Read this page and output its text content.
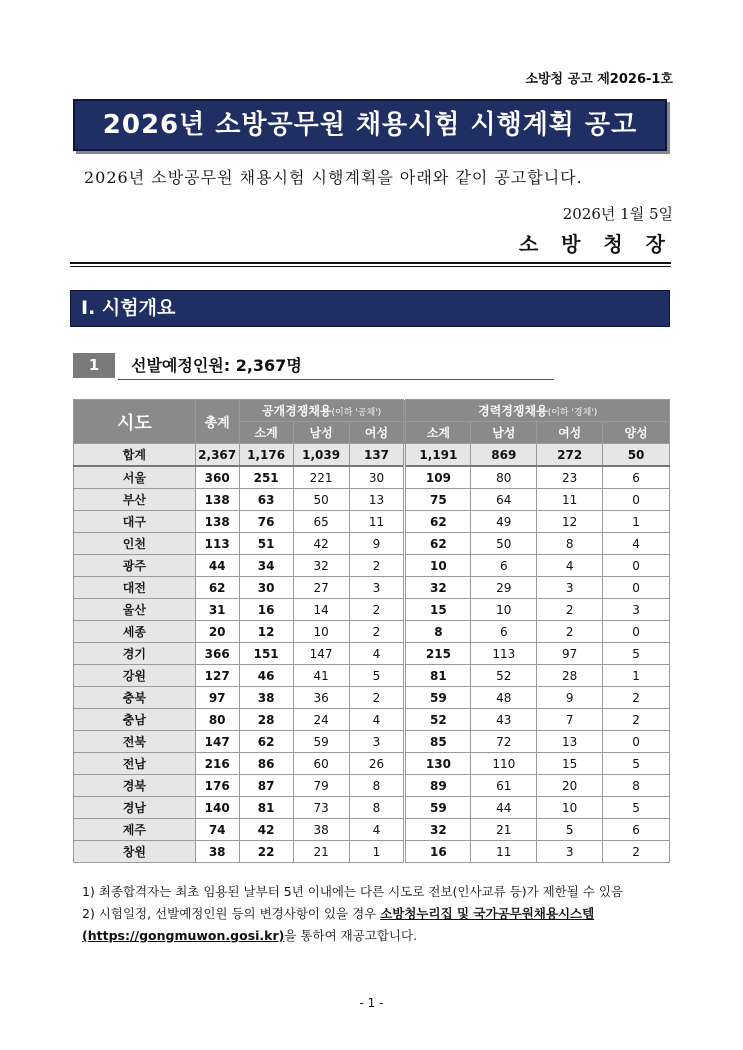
소방청 공고 제2026-1호
2026년 소방공무원 채용시험 시행계획 공고
2026년 소방공무원 채용시험 시행계획을 아래와 같이 공고합니다.
2026년 1월 5일
소 방 청 장
Ⅰ. 시험개요
1	선발예정인원: 2,367명
시도	총계	공개경쟁채용(이하 '공채')			경력경쟁채용(이하 '경채')			
		소계	남성	여성	소계	남성	여성	양성
합계	2,367	1,176	1,039	137	1,191	869	272	50
서울	360	251	221	30	109	80	23	6
부산	138	63	50	13	75	64	11	0
대구	138	76	65	11	62	49	12	1
인천	113	51	42	9	62	50	8	4
광주	44	34	32	2	10	6	4	0
대전	62	30	27	3	32	29	3	0
울산	31	16	14	2	15	10	2	3
세종	20	12	10	2	8	6	2	0
경기	366	151	147	4	215	113	97	5
강원	127	46	41	5	81	52	28	1
충북	97	38	36	2	59	48	9	2
충남	80	28	24	4	52	43	7	2
전북	147	62	59	3	85	72	13	0
전남	216	86	60	26	130	110	15	5
경북	176	87	79	8	89	61	20	8
경남	140	81	73	8	59	44	10	5
제주	74	42	38	4	32	21	5	6
창원	38	22	21	1	16	11	3	2
1) 최종합격자는 최초 임용된 날부터 5년 이내에는 다른 시도로 전보(인사교류 등)가 제한될 수 있음
2) 시험일정, 선발예정인원 등의 변경사항이 있을 경우 소방청누리집 및 국가공무원채용시스템
(https://gongmuwon.gosi.kr)을 통하여 재공고합니다.
- 1 -
